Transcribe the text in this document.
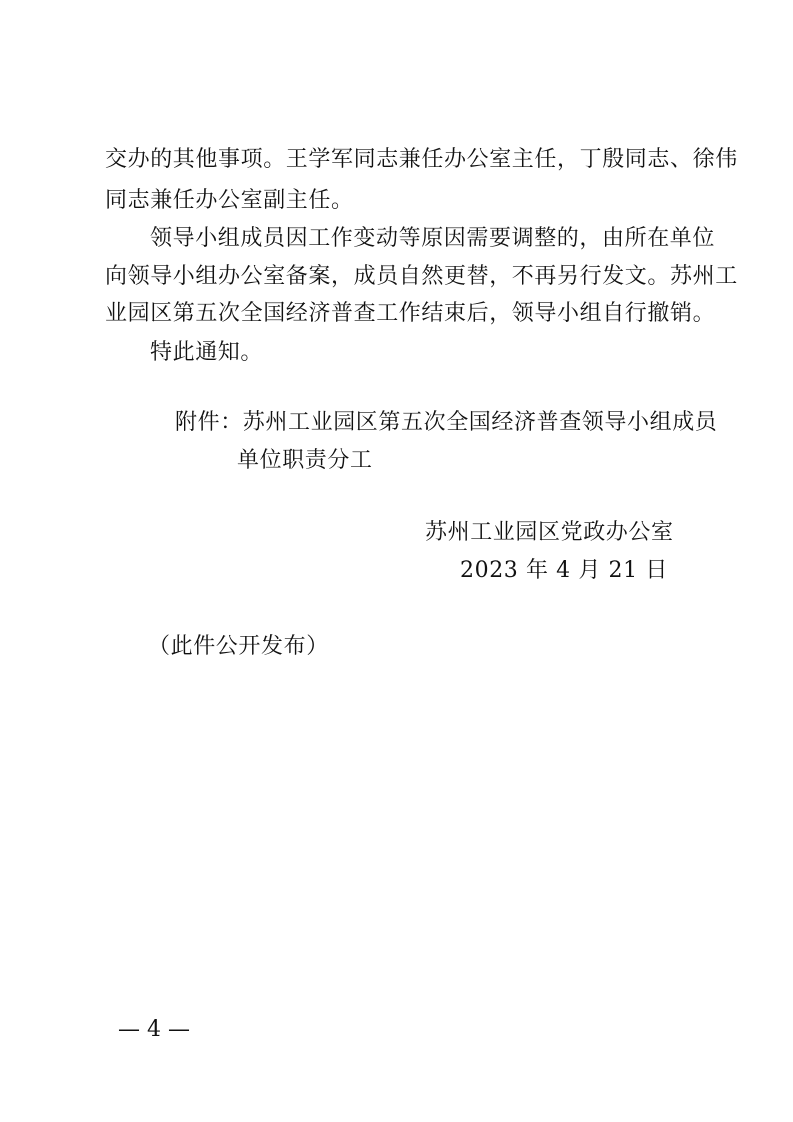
交办的其他事项。王学军同志兼任办公室主任，丁殷同志、徐伟
同志兼任办公室副主任。
领导小组成员因工作变动等原因需要调整的，由所在单位
向领导小组办公室备案，成员自然更替，不再另行发文。苏州工
业园区第五次全国经济普查工作结束后，领导小组自行撤销。
特此通知。
附件：苏州工业园区第五次全国经济普查领导小组成员
单位职责分工
苏州工业园区党政办公室
2023 年 4 月 21 日
（此件公开发布）
— 4 —
